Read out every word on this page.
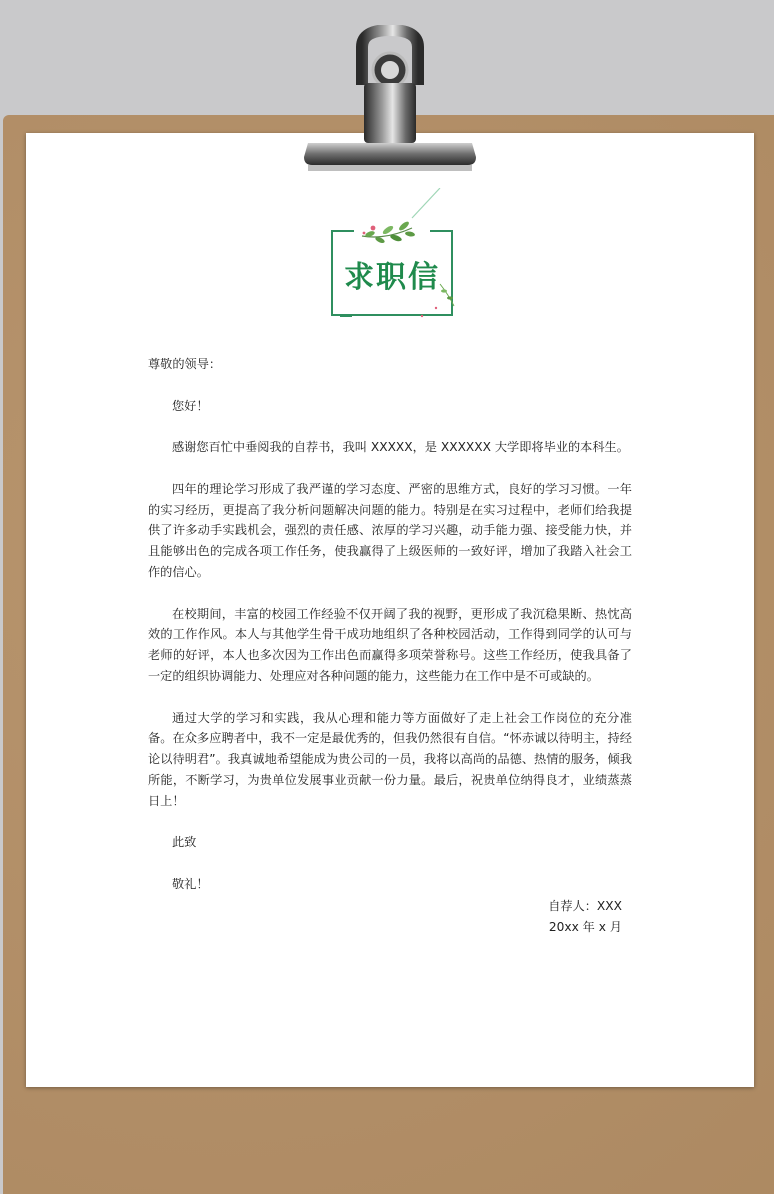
求职信

尊敬的领导：

您好！

感谢您百忙中垂阅我的自荐书，我叫 XXXXX，是 XXXXXX 大学即将毕业的本科生。

四年的理论学习形成了我严谨的学习态度、严密的思维方式，良好的学习习惯。一年的实习经历，更提高了我分析问题解决问题的能力。特别是在实习过程中，老师们给我提供了许多动手实践机会，强烈的责任感、浓厚的学习兴趣，动手能力强、接受能力快，并且能够出色的完成各项工作任务，使我赢得了上级医师的一致好评，增加了我踏入社会工作的信心。

在校期间，丰富的校园工作经验不仅开阔了我的视野，更形成了我沉稳果断、热忱高效的工作作风。本人与其他学生骨干成功地组织了各种校园活动，工作得到同学的认可与老师的好评，本人也多次因为工作出色而赢得多项荣誉称号。这些工作经历，使我具备了一定的组织协调能力、处理应对各种问题的能力，这些能力在工作中是不可或缺的。

通过大学的学习和实践，我从心理和能力等方面做好了走上社会工作岗位的充分准备。在众多应聘者中，我不一定是最优秀的，但我仍然很有自信。“怀赤诚以待明主，持经论以待明君”。我真诚地希望能成为贵公司的一员，我将以高尚的品德、热情的服务，倾我所能，不断学习，为贵单位发展事业贡献一份力量。最后，祝贵单位纳得良才，业绩蒸蒸日上！

此致

敬礼！

自荐人：XXX
20xx 年 x 月
